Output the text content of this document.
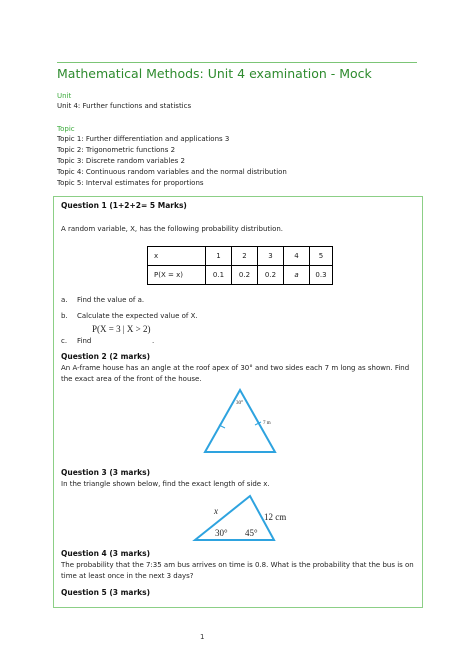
Mathematical Methods: Unit 4 examination - Mock
Unit
Unit 4: Further functions and statistics
Topic
Topic 1: Further differentiation and applications 3
Topic 2: Trigonometric functions 2
Topic 3: Discrete random variables 2
Topic 4: Continuous random variables and the normal distribution
Topic 5: Interval estimates for proportions
Question 1 (1+2+2= 5 Marks)
A random variable, X, has the following probability distribution.
x	1	2	3	4	5
P(X = x)	0.1	0.2	0.2	a	0.3
a. Find the value of a.
b. Calculate the expected value of X.
P(X = 3 | X > 2)
c. Find	.
Question 2 (2 marks)
An A-frame house has an angle at the roof apex of 30° and two sides each 7 m long as shown. Find
the exact area of the front of the house.
30°
7 m
Question 3 (3 marks)
In the triangle shown below, find the exact length of side x.
x
12 cm
30° 45°
Question 4 (3 marks)
The probability that the 7:35 am bus arrives on time is 0.8. What is the probability that the bus is on
time at least once in the next 3 days?
Question 5 (3 marks)
1
